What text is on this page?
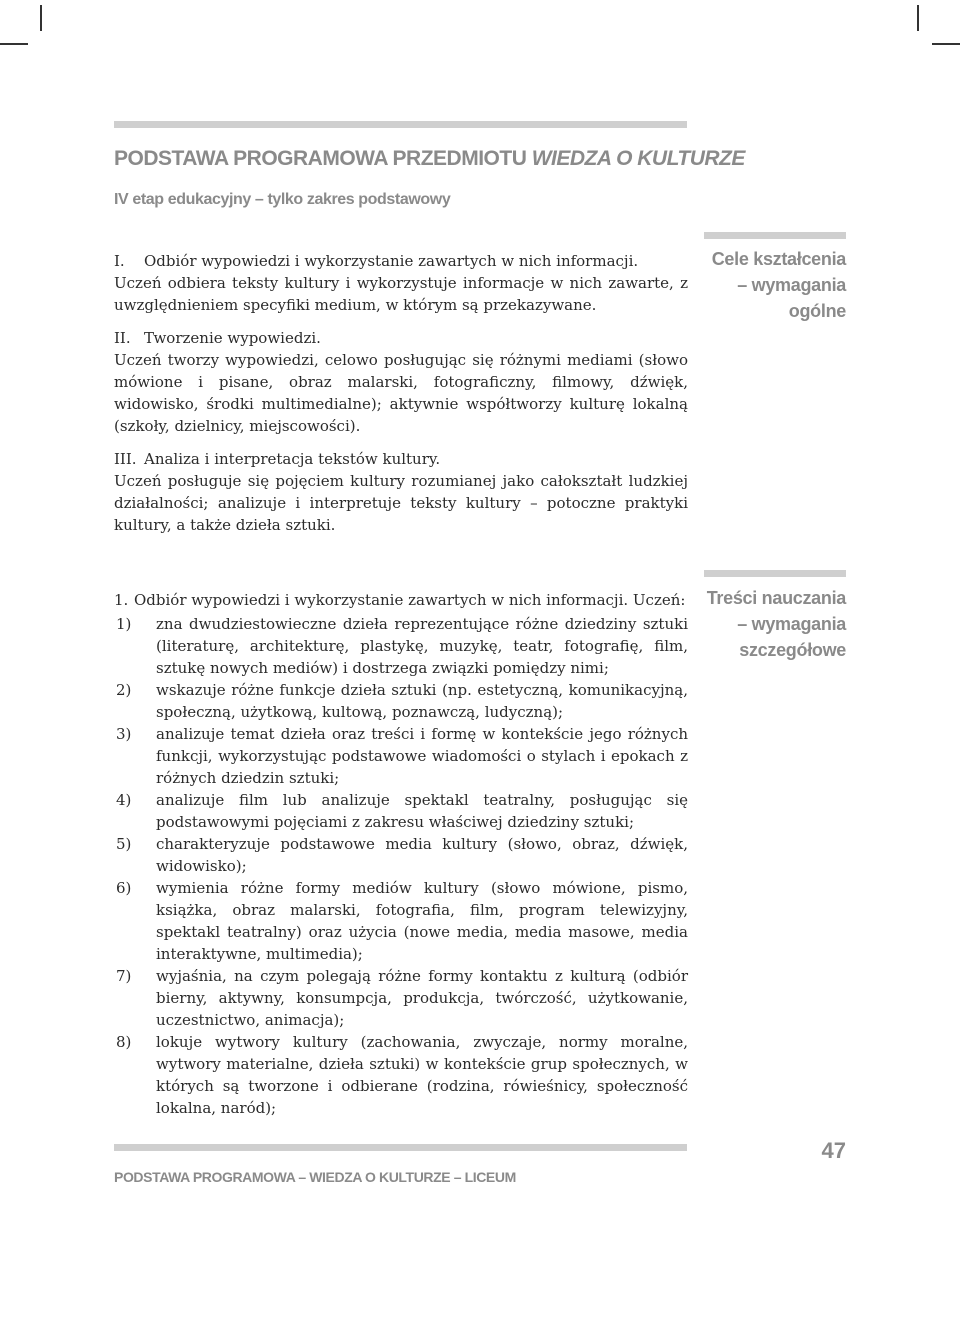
PODSTAWA PROGRAMOWA PRZEDMIOTU WIEDZA O KULTURZE
IV etap edukacyjny – tylko zakres podstawowy
Cele kształcenia
– wymagania
ogólne
I.	Odbiór wypowiedzi i wykorzystanie zawartych w nich informacji.

Uczeń odbiera teksty kultury i wykorzystuje informacje w nich zawarte, z uwzględnieniem specyfiki medium, w którym są przekazywane.

II. Tworzenie wypowiedzi.

Uczeń tworzy wypowiedzi, celowo posługując się różnymi mediami (słowo mówione i pisane, obraz malarski, fotograficzny, filmowy, dźwięk, widowisko, środki multimedialne); aktywnie współtworzy kulturę lokalną (szkoły, dzielnicy, miejscowości).

III. Analiza i interpretacja tekstów kultury.

Uczeń posługuje się pojęciem kultury rozumianej jako całokształt ludzkiej działalności; analizuje i interpretuje teksty kultury – potoczne praktyki kultury, a także dzieła sztuki.

Treści nauczania
– wymagania
szczegółowe
1. Odbiór wypowiedzi i wykorzystanie zawartych w nich informacji. Uczeń:
1)	zna dwudziestowieczne dzieła reprezentujące różne dziedziny sztuki (literaturę, architekturę, plastykę, muzykę, teatr, fotografię, film, sztukę nowych mediów) i dostrzega związki pomiędzy nimi;
2)	wskazuje różne funkcje dzieła sztuki (np. estetyczną, komunikacyjną, społeczną, użytkową, kultową, poznawczą, ludyczną);
3)	analizuje temat dzieła oraz treści i formę w kontekście jego różnych funkcji, wykorzystując podstawowe wiadomości o stylach i epokach z różnych dziedzin sztuki;
4)	analizuje film lub analizuje spektakl teatralny, posługując się podstawowymi pojęciami z zakresu właściwej dziedziny sztuki;
5)	charakteryzuje podstawowe media kultury (słowo, obraz, dźwięk, widowisko);
6)	wymienia różne formy mediów kultury (słowo mówione, pismo, książka, obraz malarski, fotografia, film, program telewizyjny, spektakl teatralny) oraz użycia (nowe media, media masowe, media interaktywne, multimedia);
7)	wyjaśnia, na czym polegają różne formy kontaktu z kulturą (odbiór bierny, aktywny, konsumpcja, produkcja, twórczość, użytkowanie, uczestnictwo, animacja);
8)	lokuje wytwory kultury (zachowania, zwyczaje, normy moralne, wytwory materialne, dzieła sztuki) w kontekście grup społecznych, w których są tworzone i odbierane (rodzina, rówieśnicy, społeczność lokalna, naród);
PODSTAWA PROGRAMOWA – WIEDZA O KULTURZE – LICEUM
47
